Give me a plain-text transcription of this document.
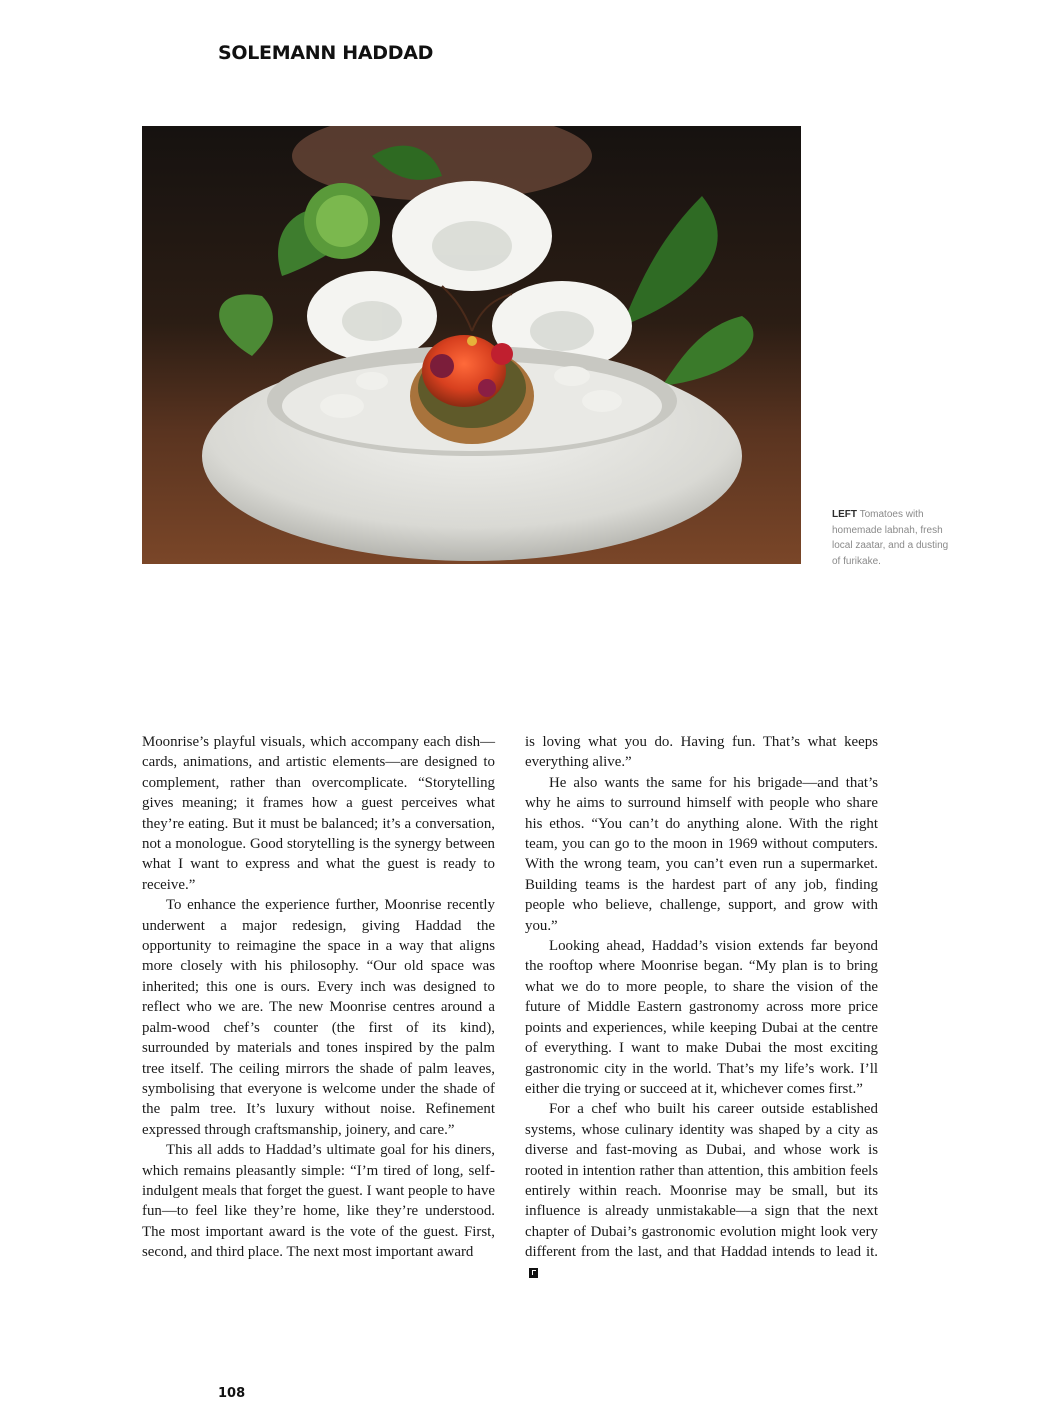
SOLEMANN HADDAD
LEFT Tomatoes with homemade labnah, fresh local zaatar, and a dusting of furikake.

Moonrise’s playful visuals, which accompany each dish—cards, animations, and artistic elements—are designed to complement, rather than overcomplicate. “Storytelling gives meaning; it frames how a guest perceives what they’re eating. But it must be balanced; it’s a conversation, not a monologue. Good storytelling is the synergy between what I want to express and what the guest is ready to receive.”

To enhance the experience further, Moonrise recently underwent a major redesign, giving Haddad the opportunity to reimagine the space in a way that aligns more closely with his philosophy. “Our old space was inherited; this one is ours. Every inch was designed to reflect who we are. The new Moonrise centres around a palm-wood chef’s counter (the first of its kind), surrounded by materials and tones inspired by the palm tree itself. The ceiling mirrors the shade of palm leaves, symbolising that everyone is welcome under the shade of the palm tree. It’s luxury without noise. Refinement expressed through craftsmanship, joinery, and care.”

This all adds to Haddad’s ultimate goal for his diners, which remains pleasantly simple: “I’m tired of long, self-indulgent meals that forget the guest. I want people to have fun—to feel like they’re home, like they’re understood. The most important award is the vote of the guest. First, second, and third place. The next most important award

is loving what you do. Having fun. That’s what keeps everything alive.”

He also wants the same for his brigade—and that’s why he aims to surround himself with people who share his ethos. “You can’t do anything alone. With the right team, you can go to the moon in 1969 without computers. With the wrong team, you can’t even run a supermarket. Building teams is the hardest part of any job, finding people who believe, challenge, support, and grow with you.”

Looking ahead, Haddad’s vision extends far beyond the rooftop where Moonrise began. “My plan is to bring what we do to more people, to share the vision of the future of Middle Eastern gastronomy across more price points and experiences, while keeping Dubai at the centre of everything. I want to make Dubai the most exciting gastronomic city in the world. That’s my life’s work. I’ll either die trying or succeed at it, whichever comes first.”

For a chef who built his career outside established systems, whose culinary identity was shaped by a city as diverse and fast-moving as Dubai, and whose work is rooted in intention rather than attention, this ambition feels entirely within reach. Moonrise may be small, but its influence is already unmistakable—a sign that the next chapter of Dubai’s gastronomic evolution might look very different from the last, and that Haddad intends to lead it.

108
